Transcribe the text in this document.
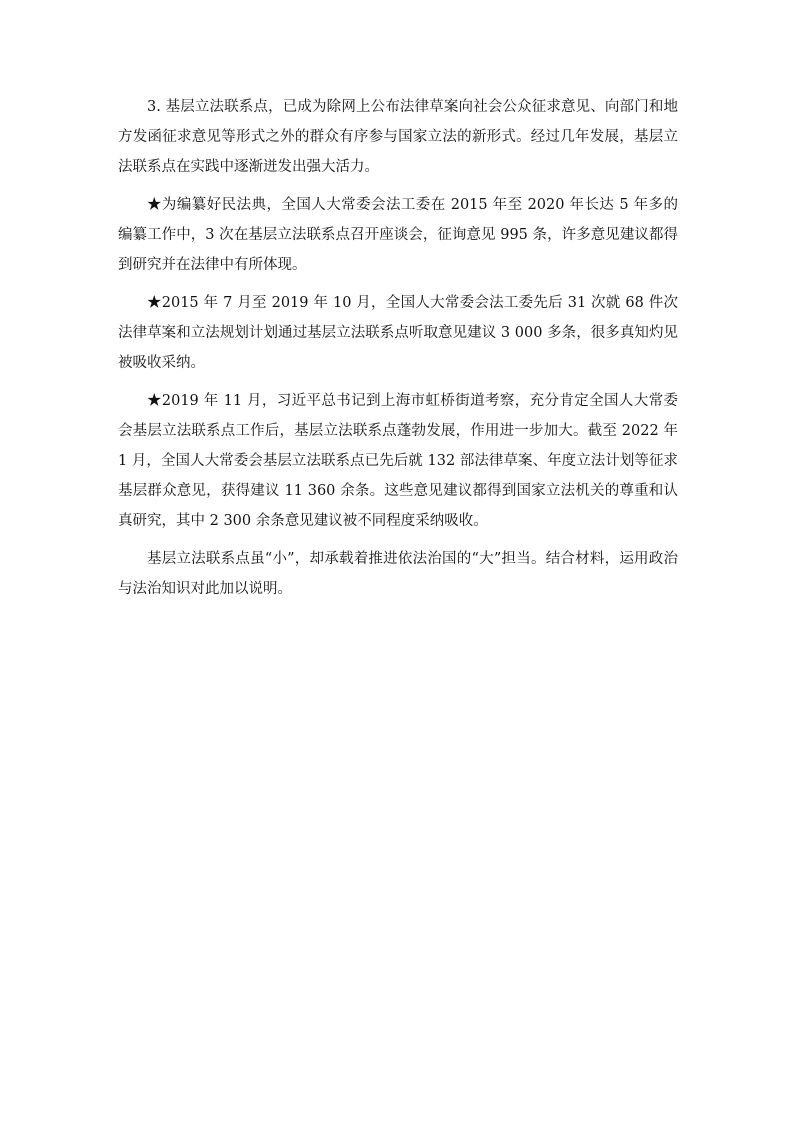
3. 基层立法联系点，已成为除网上公布法律草案向社会公众征求意见、向部门和地方发函征求意见等形式之外的群众有序参与国家立法的新形式。经过几年发展，基层立法联系点在实践中逐渐迸发出强大活力。

★为编纂好民法典，全国人大常委会法工委在 2015 年至 2020 年长达 5 年多的编纂工作中，3 次在基层立法联系点召开座谈会，征询意见 995 条，许多意见建议都得到研究并在法律中有所体现。

★2015 年 7 月至 2019 年 10 月，全国人大常委会法工委先后 31 次就 68 件次法律草案和立法规划计划通过基层立法联系点听取意见建议 3 000 多条，很多真知灼见被吸收采纳。

★2019 年 11 月，习近平总书记到上海市虹桥街道考察，充分肯定全国人大常委会基层立法联系点工作后，基层立法联系点蓬勃发展，作用进一步加大。截至 2022 年 1 月，全国人大常委会基层立法联系点已先后就 132 部法律草案、年度立法计划等征求基层群众意见，获得建议 11 360 余条。这些意见建议都得到国家立法机关的尊重和认真研究，其中 2 300 余条意见建议被不同程度采纳吸收。

基层立法联系点虽“小”，却承载着推进依法治国的“大”担当。结合材料，运用政治与法治知识对此加以说明。
